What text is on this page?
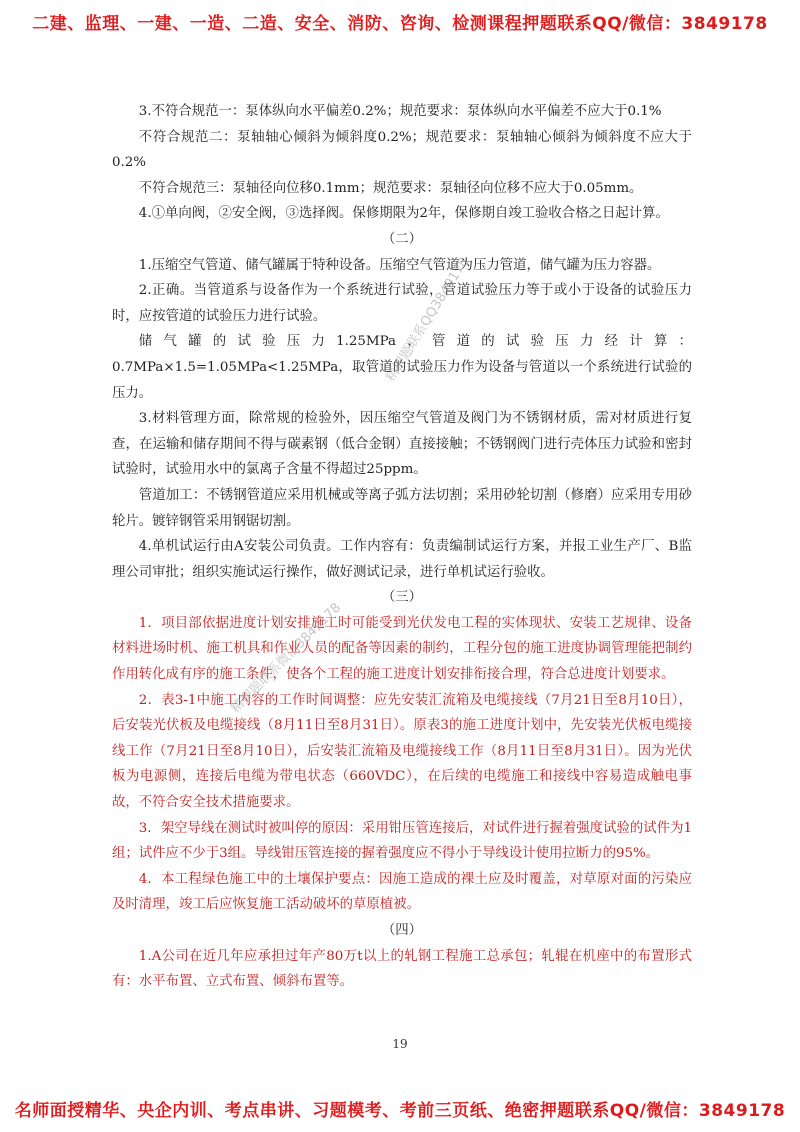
二建、监理、一建、一造、二造、安全、消防、咨询、检测课程押题联系QQ/微信：3849178

3.不符合规范一：泵体纵向水平偏差0.2%；规范要求：泵体纵向水平偏差不应大于0.1%

不符合规范二：泵轴轴心倾斜为倾斜度0.2%；规范要求：泵轴轴心倾斜为倾斜度不应大于0.2%

不符合规范三：泵轴径向位移0.1mm；规范要求：泵轴径向位移不应大于0.05mm。

4.①单向阀，②安全阀，③选择阀。保修期限为2年，保修期自竣工验收合格之日起计算。

（二）

1.压缩空气管道、储气罐属于特种设备。压缩空气管道为压力管道，储气罐为压力容器。

2.正确。当管道系与设备作为一个系统进行试验，管道试验压力等于或小于设备的试验压力时，应按管道的试验压力进行试验。

储气罐的试验压力1.25MPa，管道的试验压力经计算：0.7MPa×1.5=1.05MPa<1.25MPa，取管道的试验压力作为设备与管道以一个系统进行试验的压力。

3.材料管理方面，除常规的检验外，因压缩空气管道及阀门为不锈钢材质，需对材质进行复查，在运输和储存期间不得与碳素钢（低合金钢）直接接触；不锈钢阀门进行壳体压力试验和密封试验时，试验用水中的氯离子含量不得超过25ppm。

管道加工：不锈钢管道应采用机械或等离子弧方法切割；采用砂轮切割（修磨）应采用专用砂轮片。镀锌钢管采用钢锯切割。

4.单机试运行由A安装公司负责。工作内容有：负责编制试运行方案，并报工业生产厂、B监理公司审批；组织实施试运行操作，做好测试记录，进行单机试运行验收。

（三）

1．项目部依据进度计划安排施工时可能受到光伏发电工程的实体现状、安装工艺规律、设备材料进场时机、施工机具和作业人员的配备等因素的制约，工程分包的施工进度协调管理能把制约作用转化成有序的施工条件，使各个工程的施工进度计划安排衔接合理，符合总进度计划要求。

2．表3-1中施工内容的工作时间调整：应先安装汇流箱及电缆接线（7月21日至8月10日），后安装光伏板及电缆接线（8月11日至8月31日）。原表3的施工进度计划中，先安装光伏板电缆接线工作（7月21日至8月10日），后安装汇流箱及电缆接线工作（8月11日至8月31日）。因为光伏板为电源侧，连接后电缆为带电状态（660VDC），在后续的电缆施工和接线中容易造成触电事故，不符合安全技术措施要求。

3．架空导线在测试时被叫停的原因：采用钳压管连接后，对试件进行握着强度试验的试件为1组；试件应不少于3组。导线钳压管连接的握着强度应不得小于导线设计使用拉断力的95%。

4．本工程绿色施工中的土壤保护要点：因施工造成的裸土应及时覆盖，对草原对面的污染应及时清理，竣工后应恢复施工活动破坏的草原植被。

（四）

1.A公司在近几年应承担过年产80万t以上的轧钢工程施工总承包；轧辊在机座中的布置形式有：水平布置、立式布置、倾斜布置等。

精押题联系QQ3849178
精押题联系微信3849178
19
名师面授精华、央企内训、考点串讲、习题模考、考前三页纸、绝密押题联系QQ/微信：3849178
